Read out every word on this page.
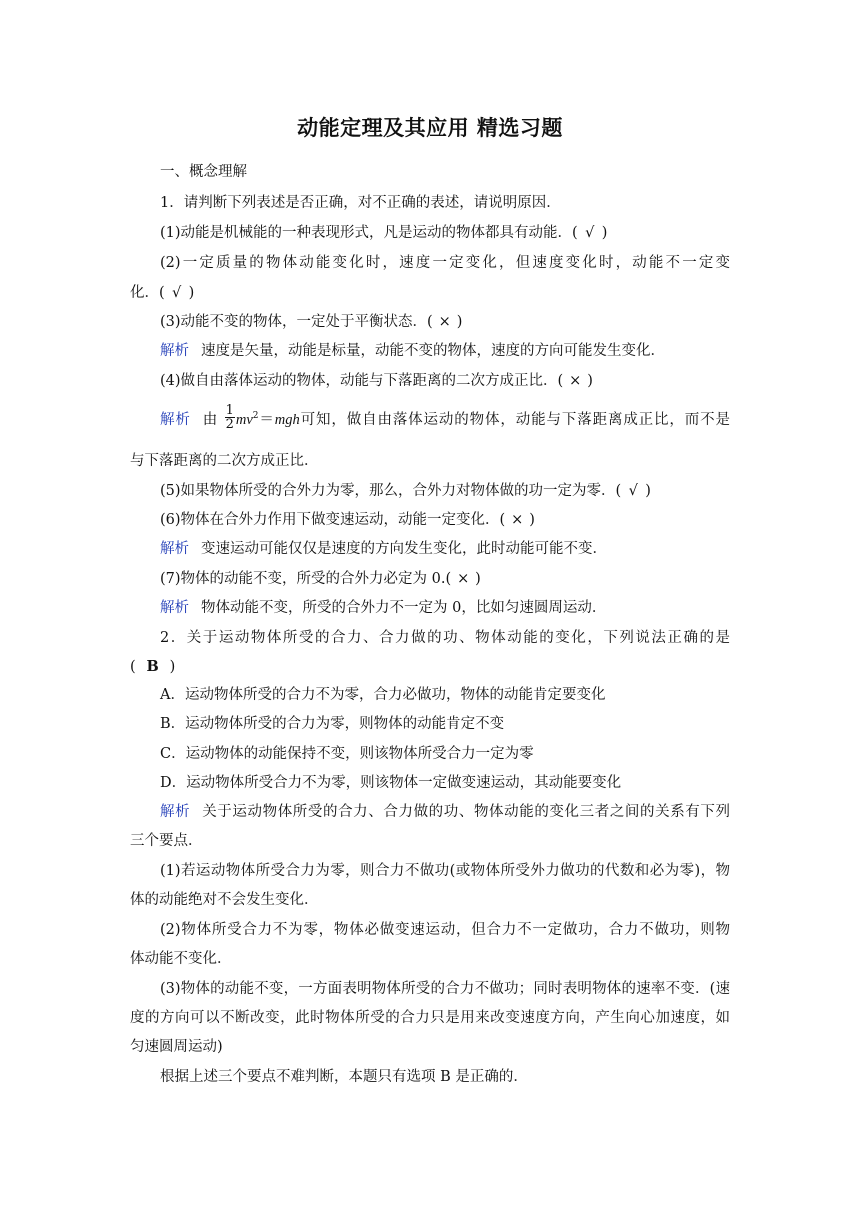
动能定理及其应用 精选习题
一、概念理解
1．请判断下列表述是否正确，对不正确的表述，请说明原因．
(1)动能是机械能的一种表现形式，凡是运动的物体都具有动能．( √ )
(2)一定质量的物体动能变化时，速度一定变化，但速度变化时，动能不一定变
化．( √ )
(3)动能不变的物体，一定处于平衡状态．( × )
解析 速度是矢量，动能是标量，动能不变的物体，速度的方向可能发生变化．
(4)做自由落体运动的物体，动能与下落距离的二次方成正比．( × )
解析 由 $\frac{1}{2} mv^2=mgh$可知，做自由落体运动的物体，动能与下落距离成正比，而不是
与下落距离的二次方成正比．
(5)如果物体所受的合外力为零，那么，合外力对物体做的功一定为零．( √ )
(6)物体在合外力作用下做变速运动，动能一定变化．( × )
解析 变速运动可能仅仅是速度的方向发生变化，此时动能可能不变．
(7)物体的动能不变，所受的合外力必定为 0.( × )
解析 物体动能不变，所受的合外力不一定为 0，比如匀速圆周运动．
2．关于运动物体所受的合力、合力做的功、物体动能的变化，下列说法正确的是
( B )
A．运动物体所受的合力不为零，合力必做功，物体的动能肯定要变化
B．运动物体所受的合力为零，则物体的动能肯定不变
C．运动物体的动能保持不变，则该物体所受合力一定为零
D．运动物体所受合力不为零，则该物体一定做变速运动，其动能要变化
解析 关于运动物体所受的合力、合力做的功、物体动能的变化三者之间的关系有下列
三个要点．
(1)若运动物体所受合力为零，则合力不做功(或物体所受外力做功的代数和必为零)，物
体的动能绝对不会发生变化．
(2)物体所受合力不为零，物体必做变速运动，但合力不一定做功，合力不做功，则物
体动能不变化．
(3)物体的动能不变，一方面表明物体所受的合力不做功；同时表明物体的速率不变．(速
度的方向可以不断改变，此时物体所受的合力只是用来改变速度方向，产生向心加速度，如
匀速圆周运动)
根据上述三个要点不难判断，本题只有选项 B 是正确的．
